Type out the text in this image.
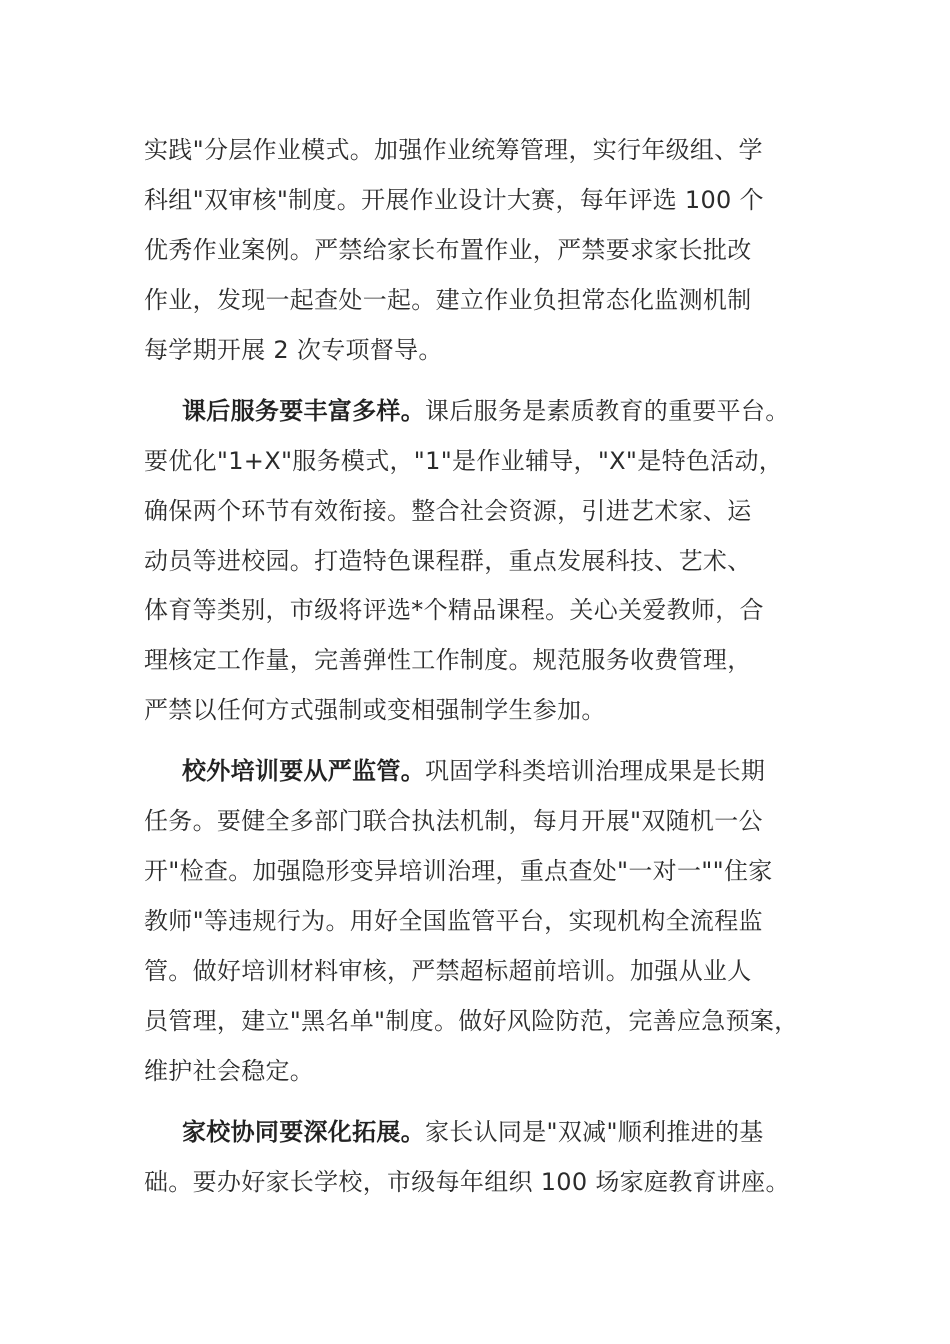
实践"分层作业模式。加强作业统筹管理，实行年级组、学
科组"双审核"制度。开展作业设计大赛，每年评选 100 个
优秀作业案例。严禁给家长布置作业，严禁要求家长批改
作业，发现一起查处一起。建立作业负担常态化监测机制
每学期开展 2 次专项督导。
课后服务要丰富多样。课后服务是素质教育的重要平台。
要优化"1+X"服务模式，"1"是作业辅导，"X"是特色活动，
确保两个环节有效衔接。整合社会资源，引进艺术家、运
动员等进校园。打造特色课程群，重点发展科技、艺术、
体育等类别，市级将评选*个精品课程。关心关爱教师，合
理核定工作量，完善弹性工作制度。规范服务收费管理，
严禁以任何方式强制或变相强制学生参加。
校外培训要从严监管。巩固学科类培训治理成果是长期
任务。要健全多部门联合执法机制，每月开展"双随机一公
开"检查。加强隐形变异培训治理，重点查处"一对一""住家
教师"等违规行为。用好全国监管平台，实现机构全流程监
管。做好培训材料审核，严禁超标超前培训。加强从业人
员管理，建立"黑名单"制度。做好风险防范，完善应急预案，
维护社会稳定。
家校协同要深化拓展。家长认同是"双减"顺利推进的基
础。要办好家长学校，市级每年组织 100 场家庭教育讲座。
